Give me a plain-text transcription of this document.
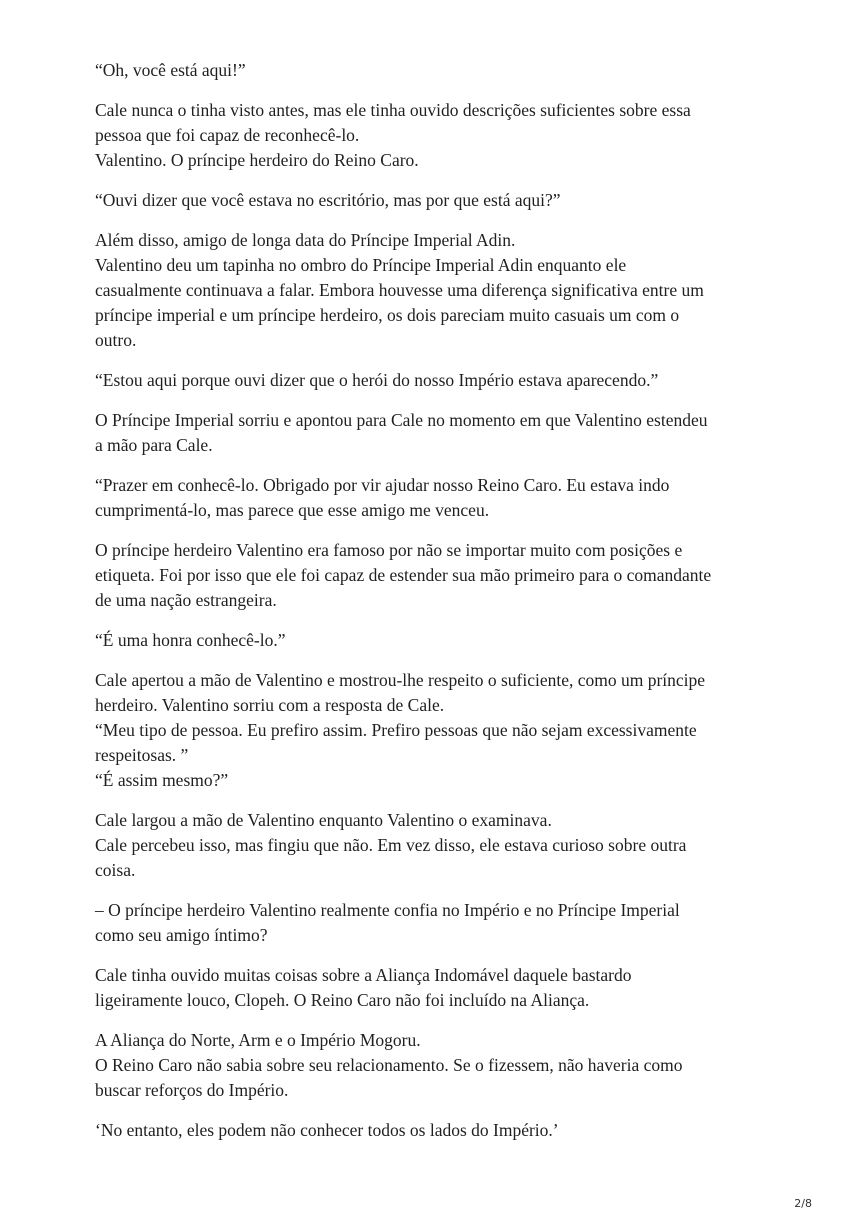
“Oh, você está aqui!”

Cale nunca o tinha visto antes, mas ele tinha ouvido descrições suficientes sobre essa
pessoa que foi capaz de reconhecê-lo.
Valentino. O príncipe herdeiro do Reino Caro.

“Ouvi dizer que você estava no escritório, mas por que está aqui?”

Além disso, amigo de longa data do Príncipe Imperial Adin.
Valentino deu um tapinha no ombro do Príncipe Imperial Adin enquanto ele
casualmente continuava a falar. Embora houvesse uma diferença significativa entre um
príncipe imperial e um príncipe herdeiro, os dois pareciam muito casuais um com o
outro.

“Estou aqui porque ouvi dizer que o herói do nosso Império estava aparecendo.”

O Príncipe Imperial sorriu e apontou para Cale no momento em que Valentino estendeu
a mão para Cale.

“Prazer em conhecê-lo. Obrigado por vir ajudar nosso Reino Caro. Eu estava indo
cumprimentá-lo, mas parece que esse amigo me venceu.

O príncipe herdeiro Valentino era famoso por não se importar muito com posições e
etiqueta. Foi por isso que ele foi capaz de estender sua mão primeiro para o comandante
de uma nação estrangeira.

“É uma honra conhecê-lo.”

Cale apertou a mão de Valentino e mostrou-lhe respeito o suficiente, como um príncipe
herdeiro. Valentino sorriu com a resposta de Cale.
“Meu tipo de pessoa. Eu prefiro assim. Prefiro pessoas que não sejam excessivamente
respeitosas. ”
“É assim mesmo?”

Cale largou a mão de Valentino enquanto Valentino o examinava.
Cale percebeu isso, mas fingiu que não. Em vez disso, ele estava curioso sobre outra
coisa.

– O príncipe herdeiro Valentino realmente confia no Império e no Príncipe Imperial
como seu amigo íntimo?

Cale tinha ouvido muitas coisas sobre a Aliança Indomável daquele bastardo
ligeiramente louco, Clopeh. O Reino Caro não foi incluído na Aliança.

A Aliança do Norte, Arm e o Império Mogoru.
O Reino Caro não sabia sobre seu relacionamento. Se o fizessem, não haveria como
buscar reforços do Império.

‘No entanto, eles podem não conhecer todos os lados do Império.’

2/8
